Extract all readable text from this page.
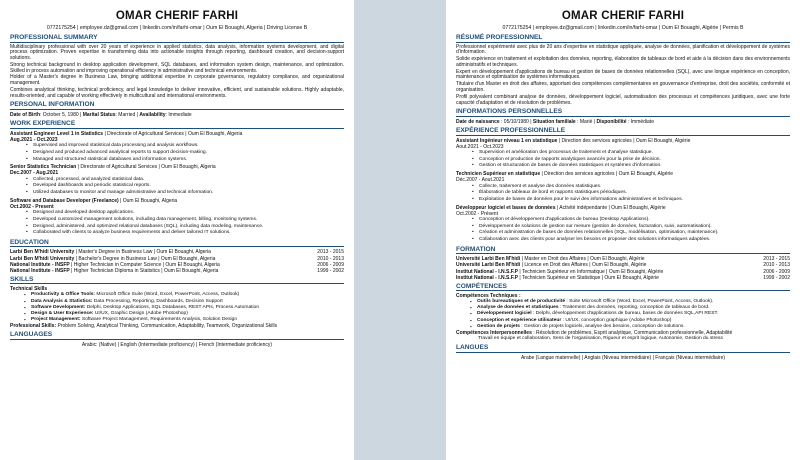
OMAR CHERIF FARHI
0772175254 | employee.dz@gmail.com | linkedin.com/in/farhi-omar | Oum El Bouaghi, Algeria | Driving License B
PROFESSIONAL SUMMARY

Multidisciplinary professional with over 20 years of experience in applied statistics, data analysis, information systems development, and digital process optimization. Proven expertise in transforming data into actionable insights through reporting, dashboard creation, and decision-support solutions.

Strong technical background in desktop application development, SQL databases, and information system design, maintenance, and optimization. Skilled in process automation and improving operational efficiency in administrative and technical environments.

Holder of a Master's degree in Business Law, bringing additional expertise in corporate governance, regulatory compliance, and organizational management.

Combines analytical thinking, technical proficiency, and legal knowledge to deliver innovative, efficient, and sustainable solutions. Highly adaptable, results-oriented, and capable of working effectively in multicultural and international environments.

PERSONAL INFORMATION
Date of Birth: October 5, 1980 | Marital Status: Married | Availability: Immediate
WORK EXPERIENCE
Assistant Engineer Level 1 in Statistics | Directorate of Agricultural Services | Oum El Bouaghi, Algeria
Aug.2021 - Oct.2023
• Supervised and improved statistical data processing and analysis workflows.
• Designed and produced advanced analytical reports to support decision-making.
• Managed and structured statistical databases and information systems.
Senior Statistics Technician | Directorate of Agricultural Services | Oum El Bouaghi, Algeria
Dec.2007 - Aug.2021
• Collected, processed, and analyzed statistical data.
• Developed dashboards and periodic statistical reports.
• Utilized databases to monitor and manage administrative and technical information.
Software and Database Developer (Freelance) | Oum El Bouaghi, Algeria
Oct.2002 - Present
• Designed and developed desktop applications.
• Developed customized management solutions, including data management, billing, monitoring systems.
• Designed, administered, and optimized relational databases (SQL), including data modeling, maintenance.
• Collaborated with clients to analyze business requirements and deliver tailored IT solutions.
EDUCATION
Larbi Ben M'hidi University | Master's Degree in Business Law | Oum El Bouaghi, Algeria	2013 - 2015
Larbi Ben M'hidi University | Bachelor's Degree in Business Law | Oum El Bouaghi, Algeria	2010 - 2013
National Institute - INSFP | Higher Technician in Computer Science | Oum El Bouaghi, Algeria	2006 - 2009
National Institute - INSFP | Higher Technician Diploma in Statistics | Oum El Bouaghi, Algeria	1999 - 2002
SKILLS
Technical Skills
▪ Productivity & Office Tools: Microsoft Office Suite (Word, Excel, PowerPoint, Access, Outlook)
▪ Data Analysis & Statistics: Data Processing, Reporting, Dashboards, Decision Support
▪ Software Development: Delphi, Desktop Applications, SQL Databases, REST APIs, Process Automation
▪ Design & User Experience: UI/UX, Graphic Design (Adobe Photoshop)
▪ Project Management: Software Project Management, Requirements Analysis, Solution Design
Professional Skills: Problem Solving, Analytical Thinking, Communication, Adaptability, Teamwork, Organizational Skills
LANGUAGES
Arabic: (Native) | English (Intermediate proficiency) | French (Intermediate proficiency)
OMAR CHERIF FARHI
0772175254 | employee.dz@gmail.com | linkedin.com/in/farhi-omar | Oum El Bouaghi, Algérie | Permis B
RÉSUMÉ PROFESSIONNEL

Professionnel expérimenté avec plus de 20 ans d'expertise en statistique appliquée, analyse de données, planification et développement de systèmes d'information.

Solide expérience en traitement et exploitation des données, reporting, élaboration de tableaux de bord et aide à la décision dans des environnements administratifs et techniques.

Expert en développement d'applications de bureau et gestion de bases de données relationnelles (SQL), avec une longue expérience en conception, maintenance et optimisation de systèmes informatiques.

Titulaire d'un Master en droit des affaires, apportant des compétences complémentaires en gouvernance d'entreprise, droit des sociétés, conformité et organisation.

Profil polyvalent combinant analyse de données, développement logiciel, automatisation des processus et compétences juridiques, avec une forte capacité d'adaptation et de résolution de problèmes.

INFORMATIONS PERSONNELLES
Date de naissance : 05/10/1980 | Situation familiale : Marié | Disponibilité : Immédiate
EXPÉRIENCE PROFESSIONNELLE
Assistant Ingénieur niveau 1 en statistique | Direction des services agricoles | Oum El Bouaghi, Algérie
Aout.2021 - Oct.2023
• Supervision et amélioration des processus de traitement et d'analyse statistique.
• Conception et production de rapports analytiques avancés pour la prise de décision.
• Gestion et structuration de bases de données statistiques et systèmes d'information.
Technicien Supérieur en statistique | Direction des services agricoles | Oum El Bouaghi, Algérie
Déc.2007 - Aout.2021
• Collecte, traitement et analyse des données statistiques.
• Élaboration de tableaux de bord et rapports statistiques périodiques.
• Exploitation de bases de données pour le suivi des informations administratives et techniques.
Développeur logiciel et bases de données | Activité indépendante | Oum El Bouaghi, Algérie
Oct.2002 - Présent
• Conception et développement d'applications de bureau (Desktop Applications).
• Développement de solutions de gestion sur mesure (gestion de données, facturation, suivi, automatisation).
• Création et administration de bases de données relationnelles (SQL, modélisation, optimisation, maintenance).
• Collaboration avec des clients pour analyser les besoins et proposer des solutions informatiques adaptées.
FORMATION
Université Larbi Ben M'hidi | Master en Droit des Affaires | Oum El Bouaghi, Algérie	2013 - 2015
Université Larbi Ben M'hidi | Licence en Droit des Affaires | Oum El Bouaghi, Algérie	2010 - 2013
Institut National - I.N.S.F.P | Technicien Supérieur en Informatique | Oum El Bouaghi, Algérie	2006 - 2009
Institut National - I.N.S.F.P | Technicien Supérieur en Statistique | Oum El Bouaghi, Algérie	1999 - 2002
COMPÉTENCES
Compétences Techniques :
▪ Outils bureautiques et de productivité : Suite Microsoft Office (Word, Excel, PowerPoint, Access, Outlook).
▪ Analyse de données et statistiques : Traitement des données, reporting, conception de tableaux de bord.
▪ Développement logiciel : Delphi, développement d'applications de bureau, bases de données SQL,API REST.
▪ Conception et expérience utilisateur : UI/UX, conception graphique (Adobe Photoshop)
▪ Gestion de projets : Gestion de projets logiciels, analyse des besoins, conception de solutions.
Compétences Interpersonnelles : Résolution de problèmes, Esprit analytique, Communication professionnelle, Adaptabilité
Travail en équipe et collaboration, Sens de l'organisation, Rigueur et esprit logique, Autonomie, Gestion du stress
LANGUES
Arabe (Langue maternelle) | Anglais (Niveau intermédiaire) | Français (Niveau intermédiaire)
